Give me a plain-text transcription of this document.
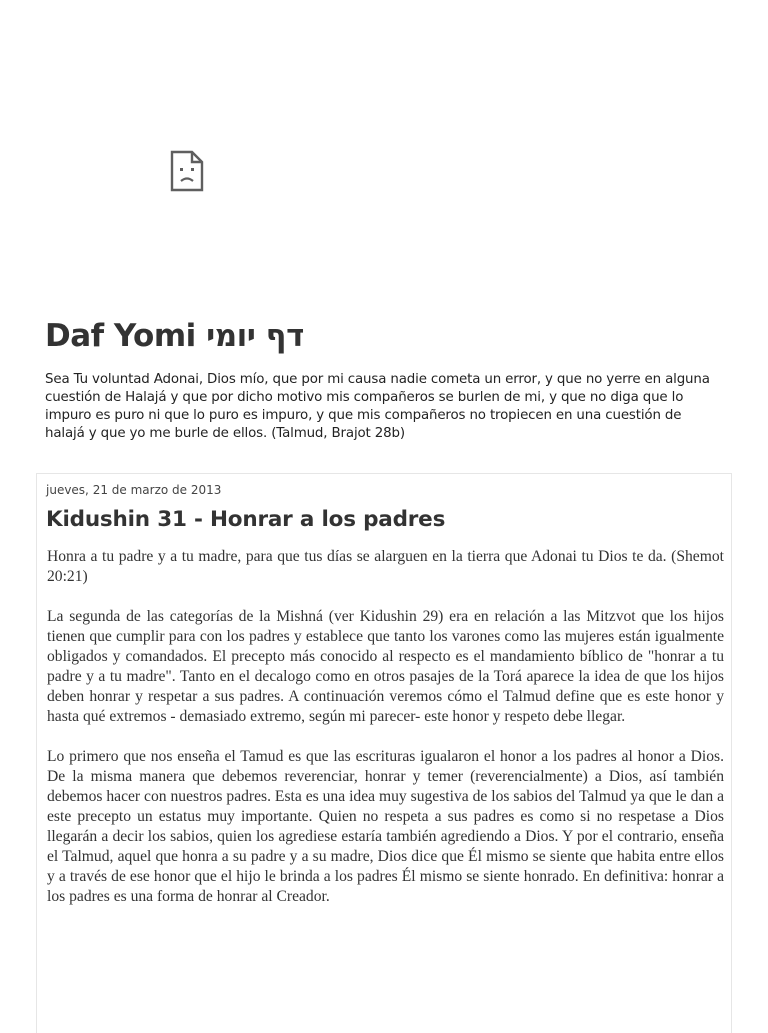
Daf Yomi דף יומי

Sea Tu voluntad Adonai, Dios mío, que por mi causa nadie cometa un error, y que no yerre en alguna cuestión de Halajá y que por dicho motivo mis compañeros se burlen de mi, y que no diga que lo impuro es puro ni que lo puro es impuro, y que mis compañeros no tropiecen en una cuestión de halajá y que yo me burle de ellos. (Talmud, Brajot 28b)

jueves, 21 de marzo de 2013
Kidushin 31 - Honrar a los padres

Honra a tu padre y a tu madre, para que tus días se alarguen en la tierra que Adonai tu Dios te da. (Shemot 20:21)

La segunda de las categorías de la Mishná (ver Kidushin 29) era en relación a las Mitzvot que los hijos tienen que cumplir para con los padres y establece que tanto los varones como las mujeres están igualmente obligados y comandados. El precepto más conocido al respecto es el mandamiento bíblico de "honrar a tu padre y a tu madre". Tanto en el decalogo como en otros pasajes de la Torá aparece la idea de que los hijos deben honrar y respetar a sus padres. A continuación veremos cómo el Talmud define que es este honor y hasta qué extremos - demasiado extremo, según mi parecer- este honor y respeto debe llegar.

Lo primero que nos enseña el Tamud es que las escrituras igualaron el honor a los padres al honor a Dios. De la misma manera que debemos reverenciar, honrar y temer (reverencialmente) a Dios, así también debemos hacer con nuestros padres. Esta es una idea muy sugestiva de los sabios del Talmud ya que le dan a este precepto un estatus muy importante. Quien no respeta a sus padres es como si no respetase a Dios llegarán a decir los sabios, quien los agrediese estaría también agrediendo a Dios. Y por el contrario, enseña el Talmud, aquel que honra a su padre y a su madre, Dios dice que Él mismo se siente que habita entre ellos y a través de ese honor que el hijo le brinda a los padres Él mismo se siente honrado. En definitiva: honrar a los padres es una forma de honrar al Creador.
